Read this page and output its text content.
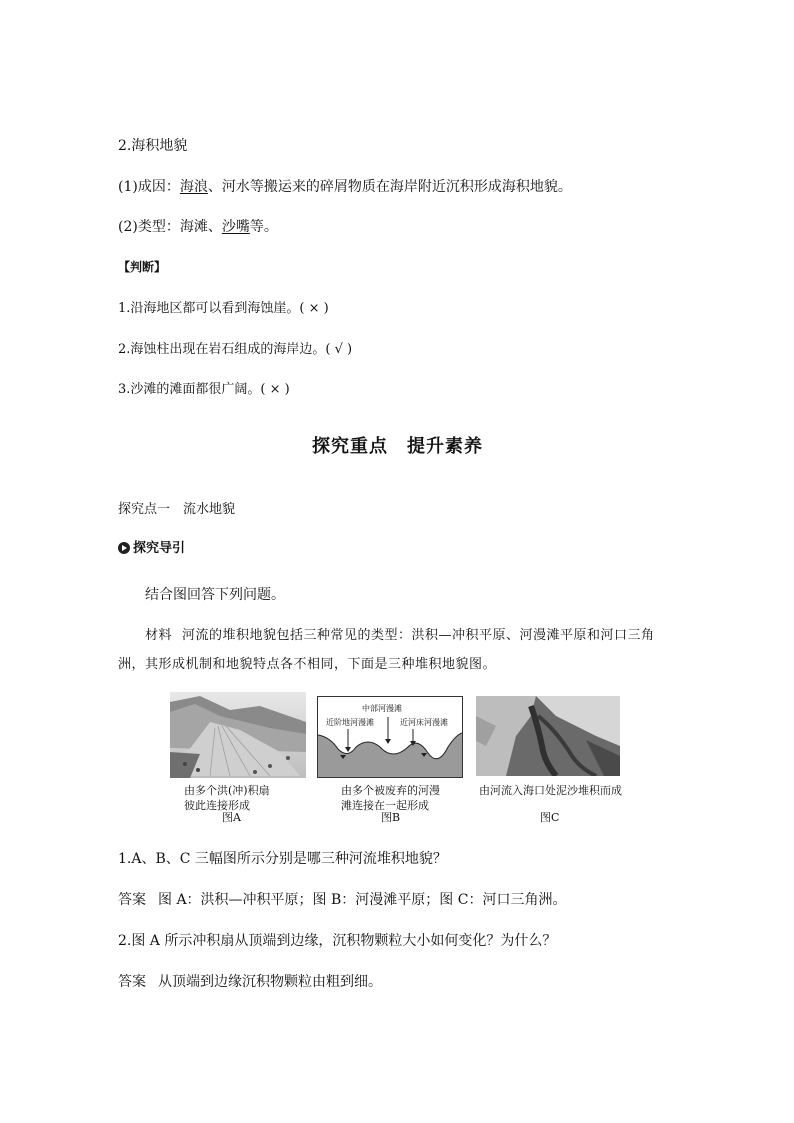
2.海积地貌
(1)成因：海浪、河水等搬运来的碎屑物质在海岸附近沉积形成海积地貌。
(2)类型：海滩、沙嘴等。
【判断】
1.沿海地区都可以看到海蚀崖。( × )
2.海蚀柱出现在岩石组成的海岸边。( √ )
3.沙滩的滩面都很广阔。( × )
探究重点　提升素养
探究点一　流水地貌
探究导引
结合图回答下列问题。
材料 河流的堆积地貌包括三种常见的类型：洪积—冲积平原、河漫滩平原和河口三角
洲，其形成机制和地貌特点各不相同，下面是三种堆积地貌图。
由多个洪(冲)积扇
彼此连接形成
图A
中部河漫滩
近阶地河漫滩	近河床河漫滩
由多个被废弃的河漫
滩连接在一起形成
图B
由河流入海口处泥沙堆积而成
图C
1.A、B、C 三幅图所示分别是哪三种河流堆积地貌？
答案 图 A：洪积—冲积平原；图 B：河漫滩平原；图 C：河口三角洲。
2.图 A 所示冲积扇从顶端到边缘，沉积物颗粒大小如何变化？为什么？
答案 从顶端到边缘沉积物颗粒由粗到细。
